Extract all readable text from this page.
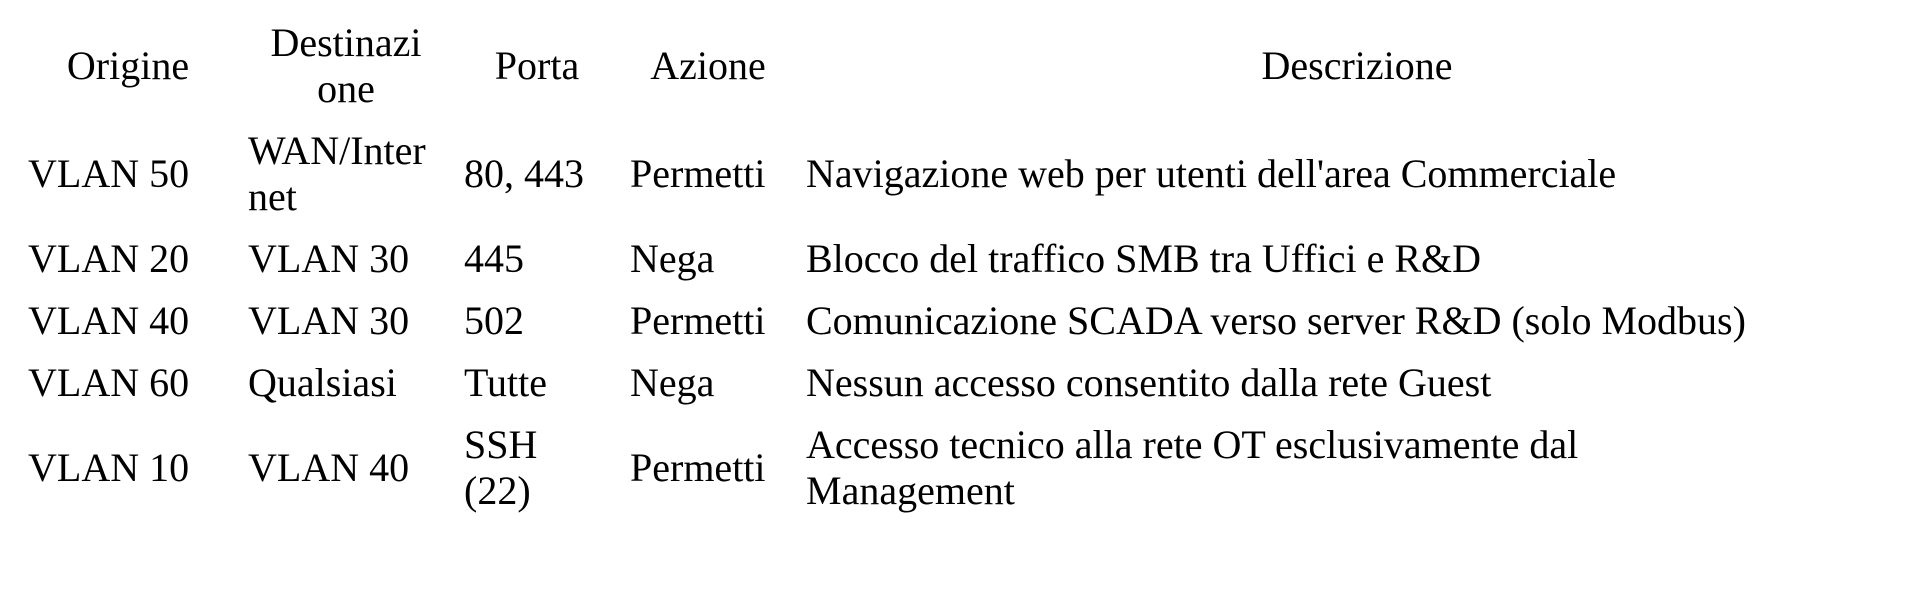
Origine	Destinazione	Porta	Azione	Descrizione
VLAN 50	WAN/Internet	80, 443	Permetti	Navigazione web per utenti dell'area Commerciale

VLAN 20	VLAN 30	445	Nega	Blocco del traffico SMB tra Uffici e R&D

VLAN 40	VLAN 30	502	Permetti	Comunicazione SCADA verso server R&D (solo Modbus)

VLAN 60	Qualsiasi	Tutte	Nega	Nessun accesso consentito dalla rete Guest

VLAN 10	VLAN 40	SSH (22)	Permetti	Accesso tecnico alla rete OT esclusivamente dal Management
